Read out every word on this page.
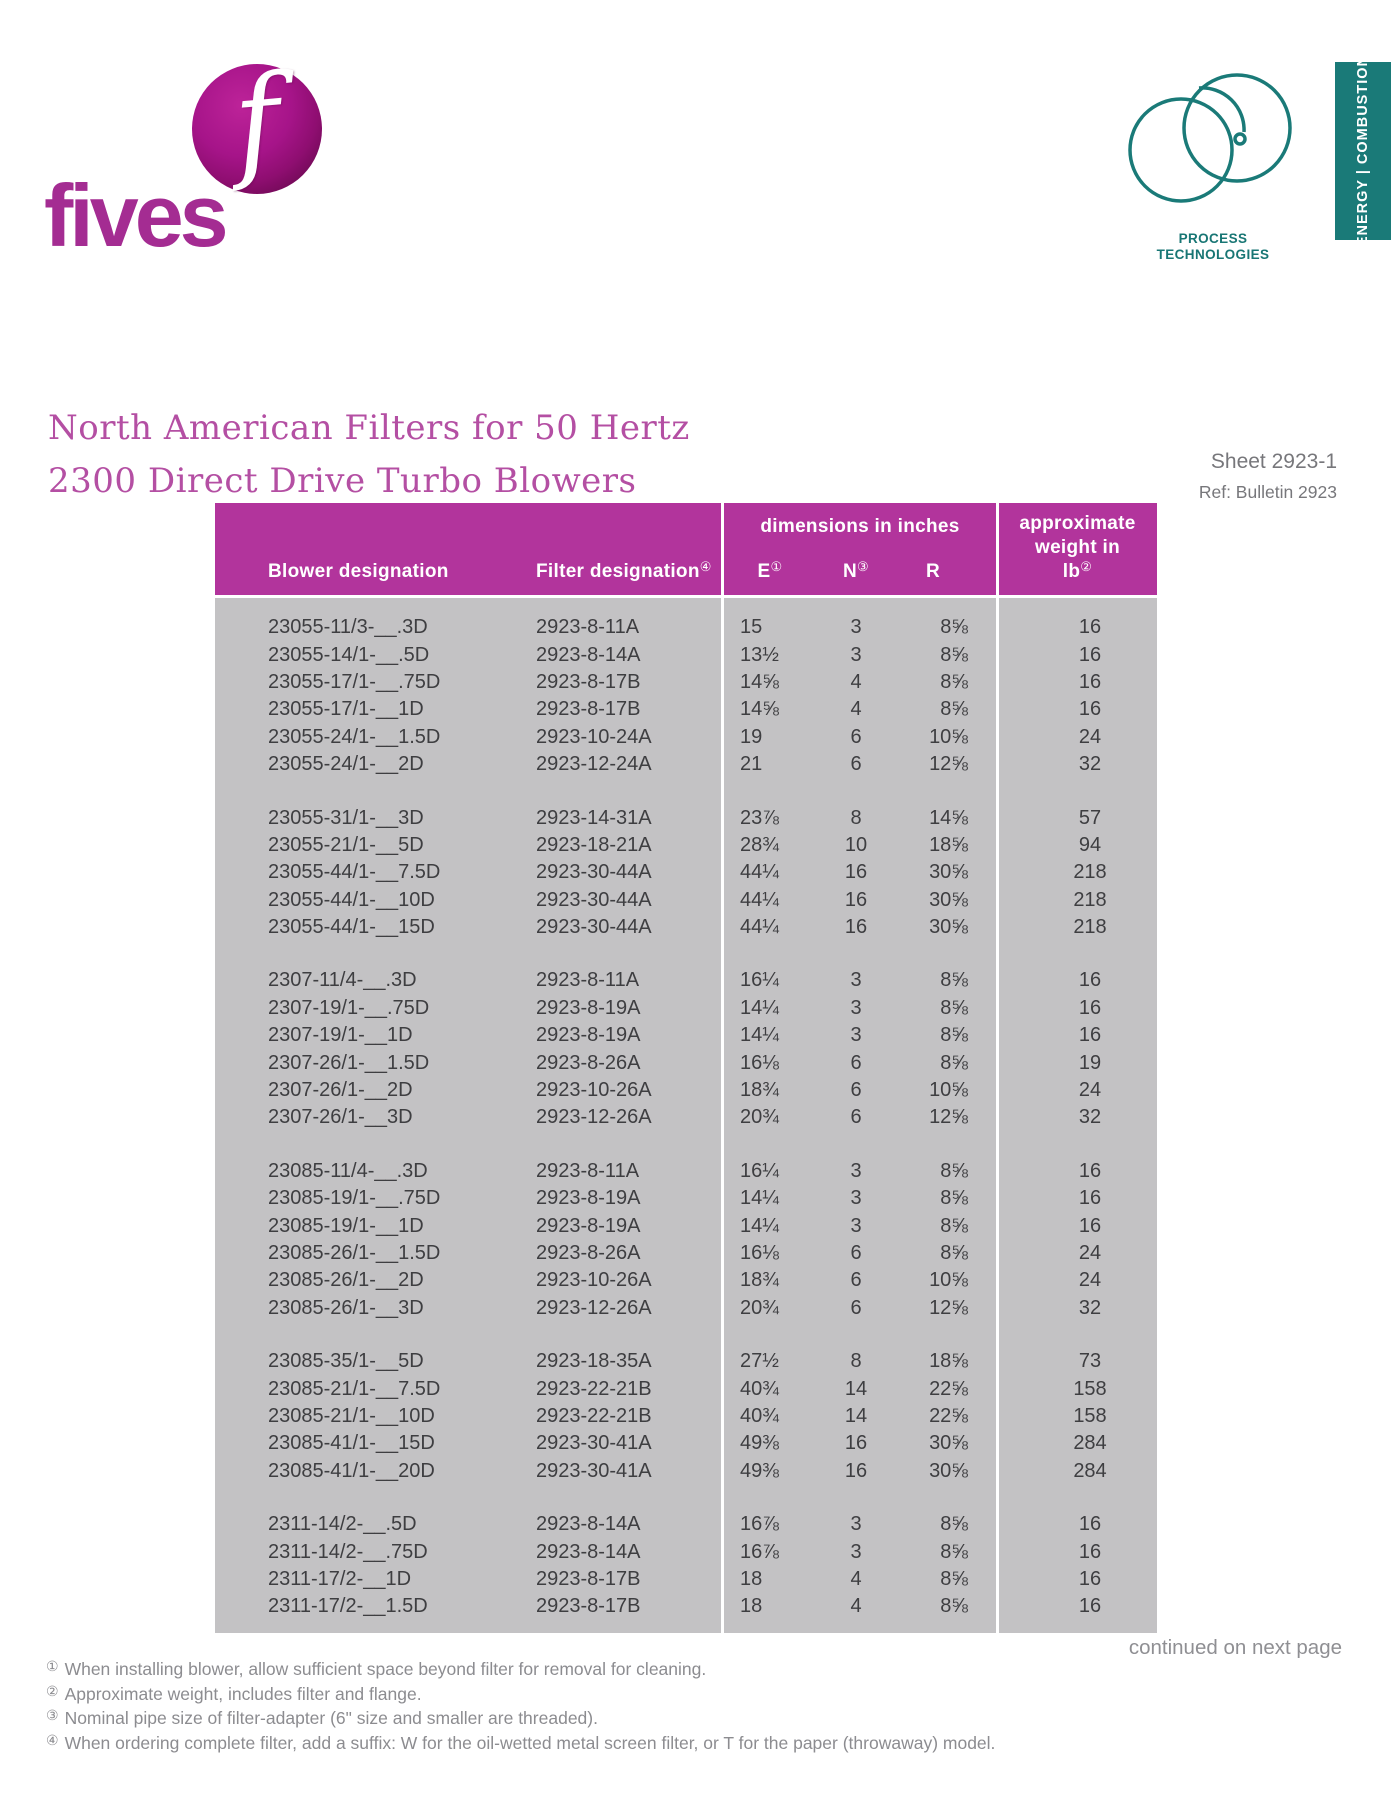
f
fives	PROCESS
TECHNOLOGIES
ENERGY | COMBUSTION
North American Filters for 50 Hertz
2300 Direct Drive Turbo Blowers	Sheet 2923-1
Ref: Bulletin 2923
Blower designation	Filter designation④
dimensions in inches
E①	N③	R
approximate
weight in
lb②
23055-11/3-__.3D	2923-8-11A	15	3	8⅝	16
23055-14/1-__.5D	2923-8-14A	13½	3	8⅝	16
23055-17/1-__.75D	2923-8-17B	14⅝	4	8⅝	16
23055-17/1-__1D	2923-8-17B	14⅝	4	8⅝	16
23055-24/1-__1.5D	2923-10-24A	19	6	10⅝	24
23055-24/1-__2D	2923-12-24A	21	6	12⅝	32
23055-31/1-__3D	2923-14-31A	23⅞	8	14⅝	57
23055-21/1-__5D	2923-18-21A	28¾	10	18⅝	94
23055-44/1-__7.5D	2923-30-44A	44¼	16	30⅝	218
23055-44/1-__10D	2923-30-44A	44¼	16	30⅝	218
23055-44/1-__15D	2923-30-44A	44¼	16	30⅝	218
2307-11/4-__.3D	2923-8-11A	16¼	3	8⅝	16
2307-19/1-__.75D	2923-8-19A	14¼	3	8⅝	16
2307-19/1-__1D	2923-8-19A	14¼	3	8⅝	16
2307-26/1-__1.5D	2923-8-26A	16⅛	6	8⅝	19
2307-26/1-__2D	2923-10-26A	18¾	6	10⅝	24
2307-26/1-__3D	2923-12-26A	20¾	6	12⅝	32
23085-11/4-__.3D	2923-8-11A	16¼	3	8⅝	16
23085-19/1-__.75D	2923-8-19A	14¼	3	8⅝	16
23085-19/1-__1D	2923-8-19A	14¼	3	8⅝	16
23085-26/1-__1.5D	2923-8-26A	16⅛	6	8⅝	24
23085-26/1-__2D	2923-10-26A	18¾	6	10⅝	24
23085-26/1-__3D	2923-12-26A	20¾	6	12⅝	32
23085-35/1-__5D	2923-18-35A	27½	8	18⅝	73
23085-21/1-__7.5D	2923-22-21B	40¾	14	22⅝	158
23085-21/1-__10D	2923-22-21B	40¾	14	22⅝	158
23085-41/1-__15D	2923-30-41A	49⅜	16	30⅝	284
23085-41/1-__20D	2923-30-41A	49⅜	16	30⅝	284
2311-14/2-__.5D	2923-8-14A	16⅞	3	8⅝	16
2311-14/2-__.75D	2923-8-14A	16⅞	3	8⅝	16
2311-17/2-__1D	2923-8-17B	18	4	8⅝	16
2311-17/2-__1.5D	2923-8-17B	18	4	8⅝	16
continued on next page
① When installing blower, allow sufficient space beyond filter for removal for cleaning.
② Approximate weight, includes filter and flange.
③ Nominal pipe size of filter-adapter (6" size and smaller are threaded).
④ When ordering complete filter, add a suffix: W for the oil-wetted metal screen filter, or T for the paper (throwaway) model.
